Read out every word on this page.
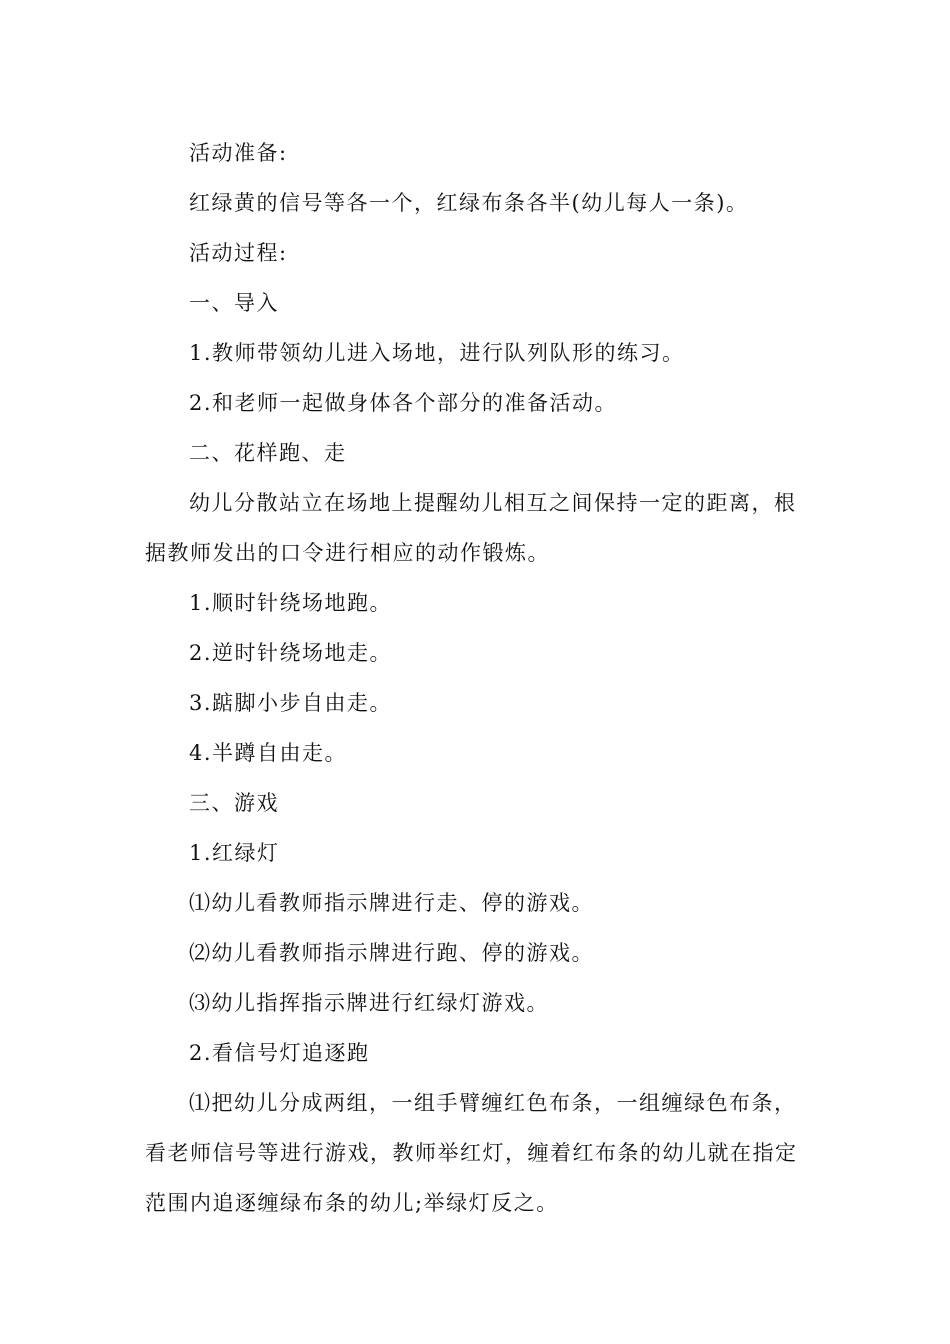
活动准备:

红绿黄的信号等各一个，红绿布条各半(幼儿每人一条)。

活动过程:

一、导入

1.教师带领幼儿进入场地，进行队列队形的练习。

2.和老师一起做身体各个部分的准备活动。

二、花样跑、走

幼儿分散站立在场地上提醒幼儿相互之间保持一定的距离，根据教师发出的口令进行相应的动作锻炼。

1.顺时针绕场地跑。

2.逆时针绕场地走。

3.踮脚小步自由走。

4.半蹲自由走。

三、游戏

1.红绿灯

⑴幼儿看教师指示牌进行走、停的游戏。

⑵幼儿看教师指示牌进行跑、停的游戏。

⑶幼儿指挥指示牌进行红绿灯游戏。

2.看信号灯追逐跑

⑴把幼儿分成两组，一组手臂缠红色布条，一组缠绿色布条，看老师信号等进行游戏，教师举红灯，缠着红布条的幼儿就在指定范围内追逐缠绿布条的幼儿;举绿灯反之。
